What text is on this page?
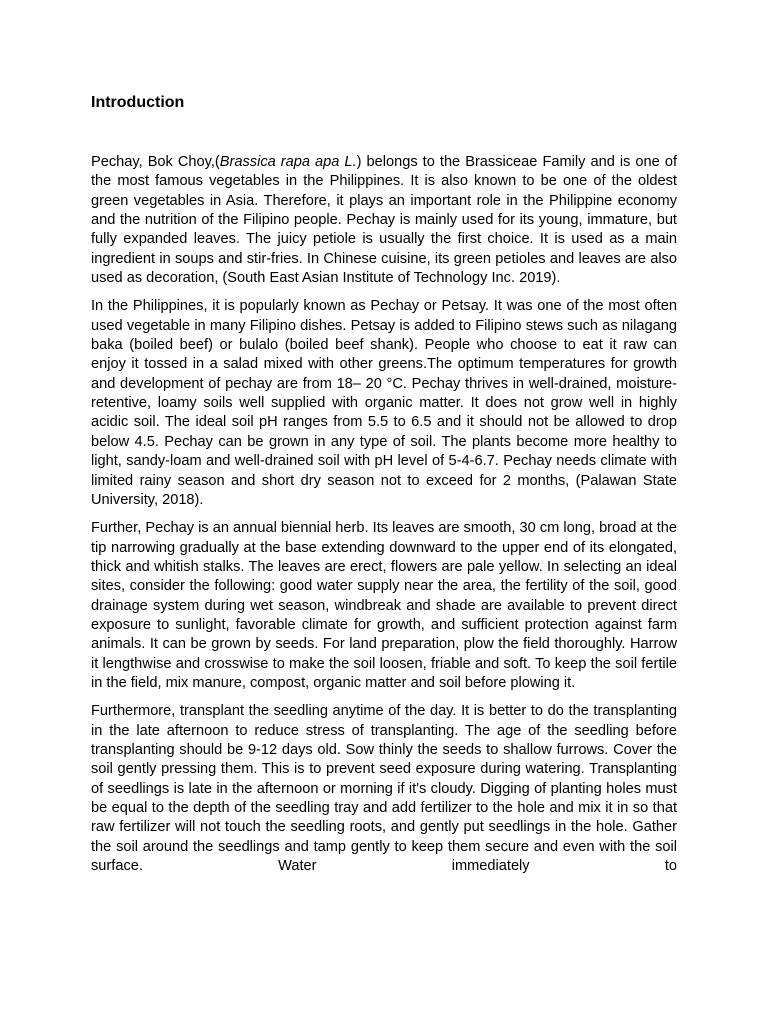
Introduction

Pechay, Bok Choy,(Brassica rapa apa L.) belongs to the Brassiceae Family and is one of the most famous vegetables in the Philippines. It is also known to be one of the oldest green vegetables in Asia. Therefore, it plays an important role in the Philippine economy and the nutrition of the Filipino people. Pechay is mainly used for its young, immature, but fully expanded leaves. The juicy petiole is usually the first choice. It is used as a main ingredient in soups and stir-fries. In Chinese cuisine, its green petioles and leaves are also used as decoration, (South East Asian Institute of Technology Inc. 2019).

In the Philippines, it is popularly known as Pechay or Petsay. It was one of the most often used vegetable in many Filipino dishes. Petsay is added to Filipino stews such as nilagang baka (boiled beef) or bulalo (boiled beef shank). People who choose to eat it raw can enjoy it tossed in a salad mixed with other greens.The optimum temperatures for growth and development of pechay are from 18– 20 °C. Pechay thrives in well-drained, moisture-retentive, loamy soils well supplied with organic matter. It does not grow well in highly acidic soil. The ideal soil pH ranges from 5.5 to 6.5 and it should not be allowed to drop below 4.5. Pechay can be grown in any type of soil. The plants become more healthy to light, sandy-loam and well-drained soil with pH level of 5-4-6.7. Pechay needs climate with limited rainy season and short dry season not to exceed for 2 months, (Palawan State University, 2018).

Further, Pechay is an annual biennial herb. Its leaves are smooth, 30 cm long, broad at the tip narrowing gradually at the base extending downward to the upper end of its elongated, thick and whitish stalks. The leaves are erect, flowers are pale yellow. In selecting an ideal sites, consider the following: good water supply near the area, the fertility of the soil, good drainage system during wet season, windbreak and shade are available to prevent direct exposure to sunlight, favorable climate for growth, and sufficient protection against farm animals. It can be grown by seeds. For land preparation, plow the field thoroughly. Harrow it lengthwise and crosswise to make the soil loosen, friable and soft. To keep the soil fertile in the field, mix manure, compost, organic matter and soil before plowing it.

Furthermore, transplant the seedling anytime of the day. It is better to do the transplanting in the late afternoon to reduce stress of transplanting. The age of the seedling before transplanting should be 9-12 days old. Sow thinly the seeds to shallow furrows. Cover the soil gently pressing them. This is to prevent seed exposure during watering. Transplanting of seedlings is late in the afternoon or morning if it's cloudy. Digging of planting holes must be equal to the depth of the seedling tray and add fertilizer to the hole and mix it in so that raw fertilizer will not touch the seedling roots, and gently put seedlings in the hole. Gather the soil around the seedlings and tamp gently to keep them secure and even with the soil surface. Water immediately to
